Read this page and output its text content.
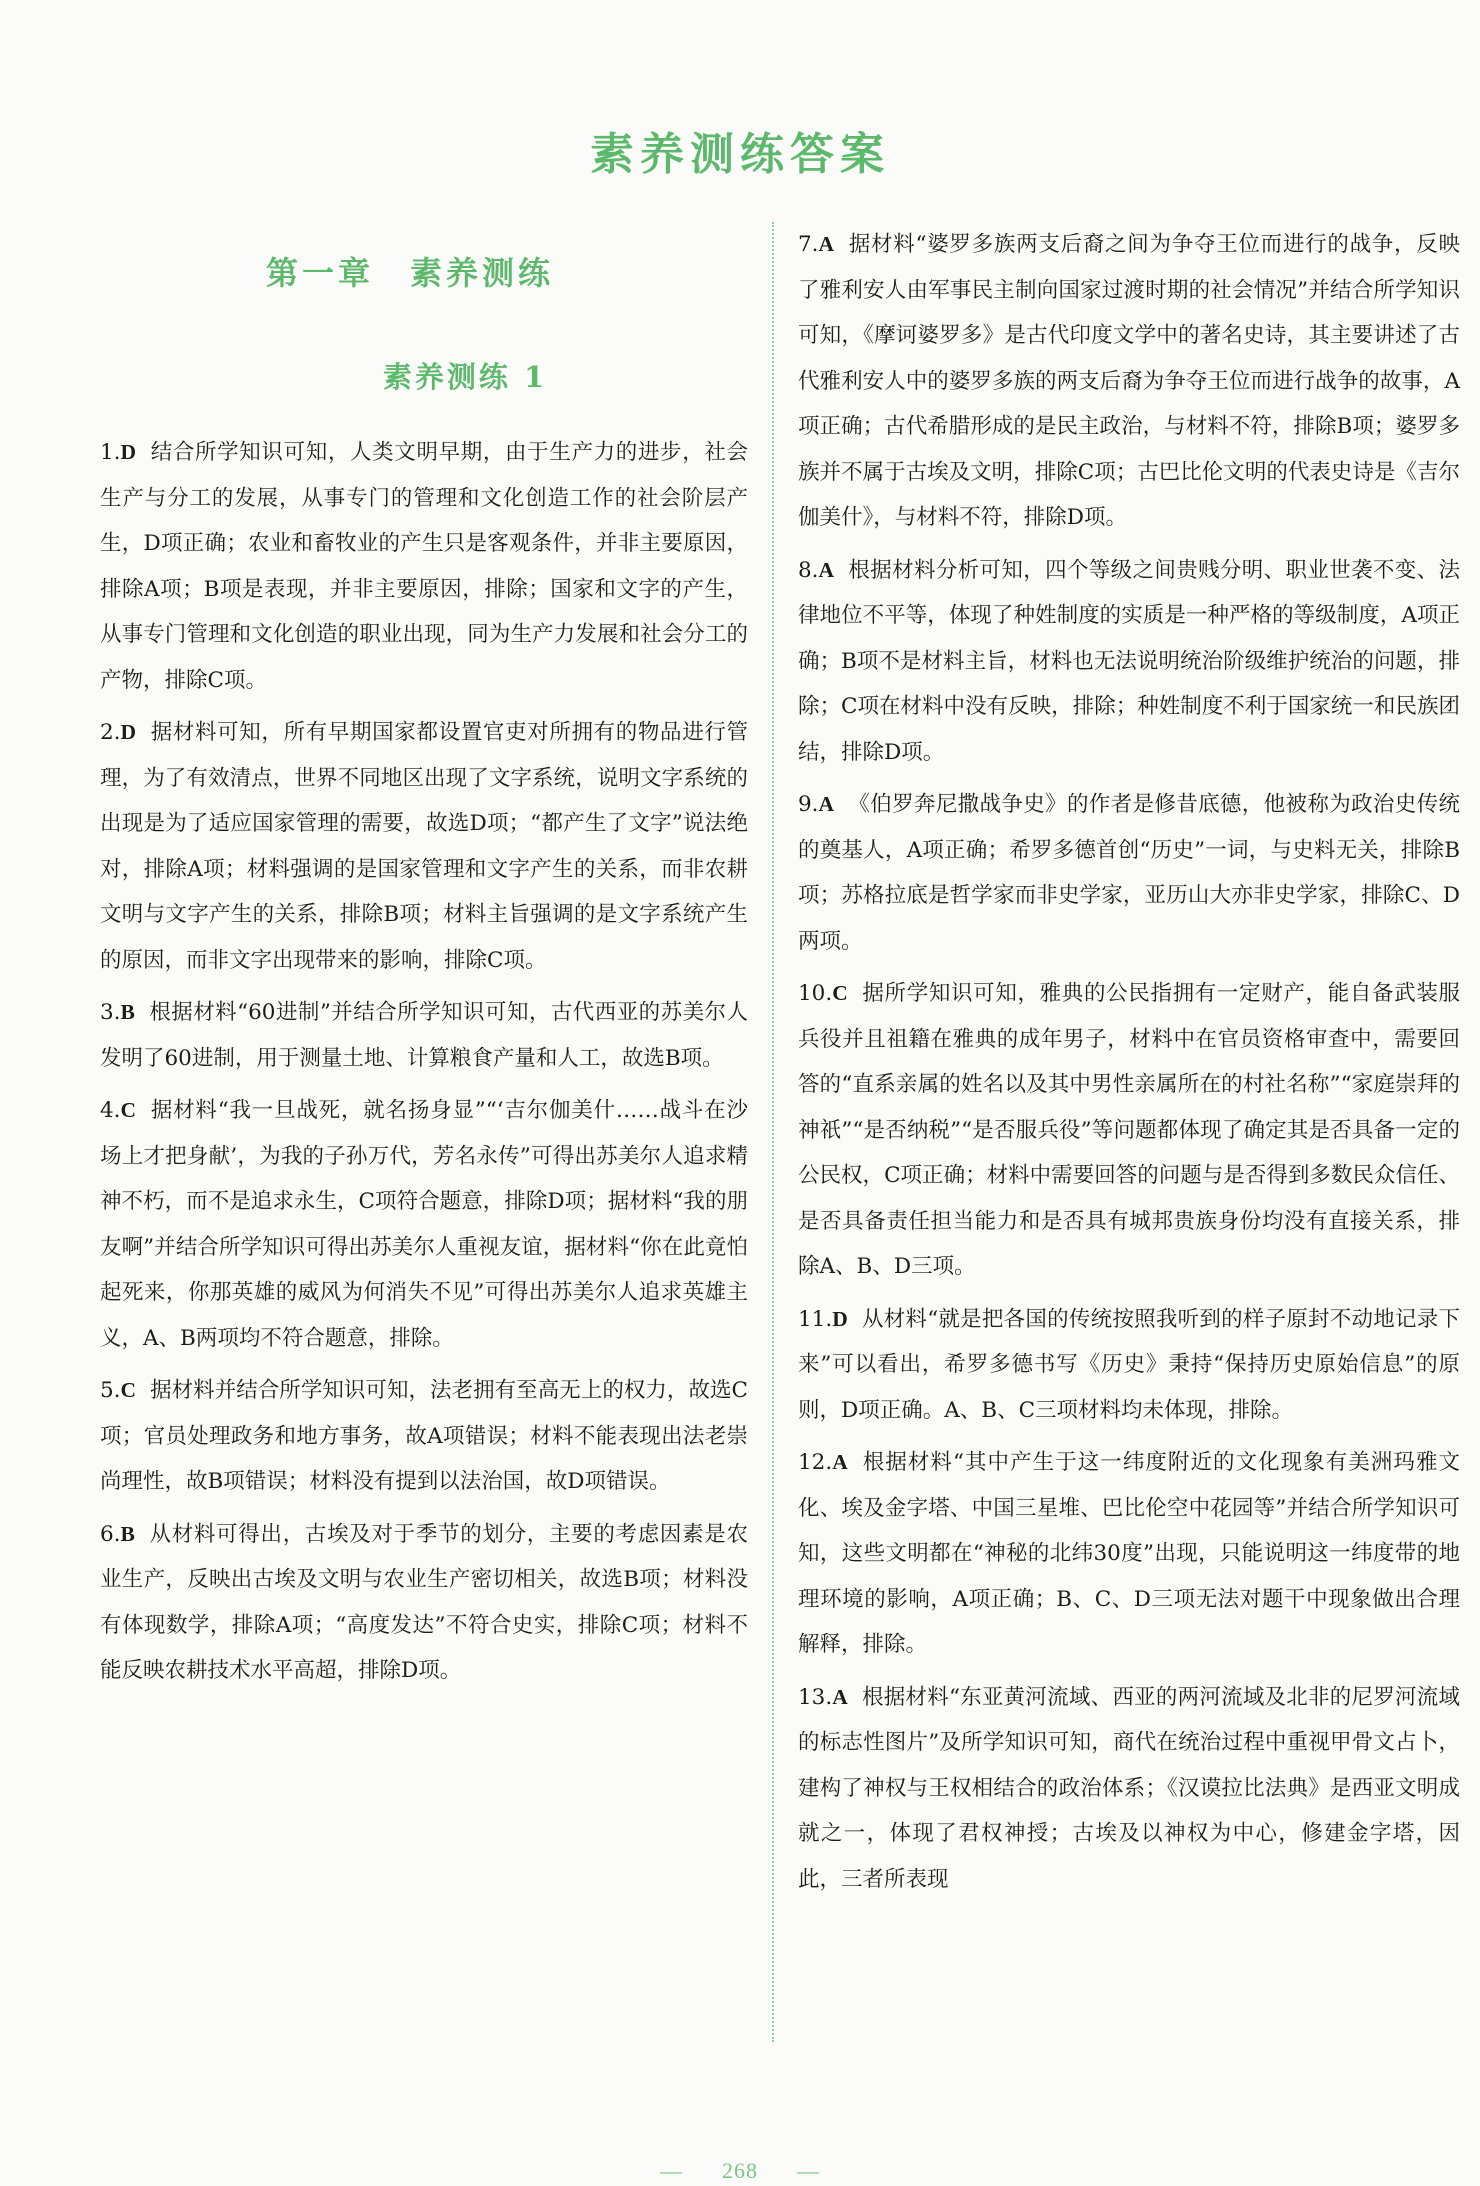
素养测练答案
第一章　素养测练
素养测练 1

1.D 结合所学知识可知，人类文明早期，由于生产力的进步，社会生产与分工的发展，从事专门的管理和文化创造工作的社会阶层产生，D项正确；农业和畜牧业的产生只是客观条件，并非主要原因，排除A项；B项是表现，并非主要原因，排除；国家和文字的产生，从事专门管理和文化创造的职业出现，同为生产力发展和社会分工的产物，排除C项。

2.D 据材料可知，所有早期国家都设置官吏对所拥有的物品进行管理，为了有效清点，世界不同地区出现了文字系统，说明文字系统的出现是为了适应国家管理的需要，故选D项；“都产生了文字”说法绝对，排除A项；材料强调的是国家管理和文字产生的关系，而非农耕文明与文字产生的关系，排除B项；材料主旨强调的是文字系统产生的原因，而非文字出现带来的影响，排除C项。

3.B 根据材料“60进制”并结合所学知识可知，古代西亚的苏美尔人发明了60进制，用于测量土地、计算粮食产量和人工，故选B项。

4.C 据材料“我一旦战死，就名扬身显”“‘吉尔伽美什……战斗在沙场上才把身献’，为我的子孙万代，芳名永传”可得出苏美尔人追求精神不朽，而不是追求永生，C项符合题意，排除D项；据材料“我的朋友啊”并结合所学知识可得出苏美尔人重视友谊，据材料“你在此竟怕起死来，你那英雄的威风为何消失不见”可得出苏美尔人追求英雄主义，A、B两项均不符合题意，排除。

5.C 据材料并结合所学知识可知，法老拥有至高无上的权力，故选C项；官员处理政务和地方事务，故A项错误；材料不能表现出法老崇尚理性，故B项错误；材料没有提到以法治国，故D项错误。

6.B 从材料可得出，古埃及对于季节的划分，主要的考虑因素是农业生产，反映出古埃及文明与农业生产密切相关，故选B项；材料没有体现数学，排除A项；“高度发达”不符合史实，排除C项；材料不能反映农耕技术水平高超，排除D项。

7.A 据材料“婆罗多族两支后裔之间为争夺王位而进行的战争，反映了雅利安人由军事民主制向国家过渡时期的社会情况”并结合所学知识可知，《摩诃婆罗多》是古代印度文学中的著名史诗，其主要讲述了古代雅利安人中的婆罗多族的两支后裔为争夺王位而进行战争的故事，A项正确；古代希腊形成的是民主政治，与材料不符，排除B项；婆罗多族并不属于古埃及文明，排除C项；古巴比伦文明的代表史诗是《吉尔伽美什》，与材料不符，排除D项。

8.A 根据材料分析可知，四个等级之间贵贱分明、职业世袭不变、法律地位不平等，体现了种姓制度的实质是一种严格的等级制度，A项正确；B项不是材料主旨，材料也无法说明统治阶级维护统治的问题，排除；C项在材料中没有反映，排除；种姓制度不利于国家统一和民族团结，排除D项。

9.A 《伯罗奔尼撒战争史》的作者是修昔底德，他被称为政治史传统的奠基人，A项正确；希罗多德首创“历史”一词，与史料无关，排除B项；苏格拉底是哲学家而非史学家，亚历山大亦非史学家，排除C、D两项。

10.C 据所学知识可知，雅典的公民指拥有一定财产，能自备武装服兵役并且祖籍在雅典的成年男子，材料中在官员资格审查中，需要回答的“直系亲属的姓名以及其中男性亲属所在的村社名称”“家庭崇拜的神祇”“是否纳税”“是否服兵役”等问题都体现了确定其是否具备一定的公民权，C项正确；材料中需要回答的问题与是否得到多数民众信任、是否具备责任担当能力和是否具有城邦贵族身份均没有直接关系，排除A、B、D三项。

11.D 从材料“就是把各国的传统按照我听到的样子原封不动地记录下来”可以看出，希罗多德书写《历史》秉持“保持历史原始信息”的原则，D项正确。A、B、C三项材料均未体现，排除。

12.A 根据材料“其中产生于这一纬度附近的文化现象有美洲玛雅文化、埃及金字塔、中国三星堆、巴比伦空中花园等”并结合所学知识可知，这些文明都在“神秘的北纬30度”出现，只能说明这一纬度带的地理环境的影响，A项正确；B、C、D三项无法对题干中现象做出合理解释，排除。

13.A 根据材料“东亚黄河流域、西亚的两河流域及北非的尼罗河流域的标志性图片”及所学知识可知，商代在统治过程中重视甲骨文占卜，建构了神权与王权相结合的政治体系；《汉谟拉比法典》是西亚文明成就之一，体现了君权神授；古埃及以神权为中心，修建金字塔，因此，三者所表现

— 268 —
